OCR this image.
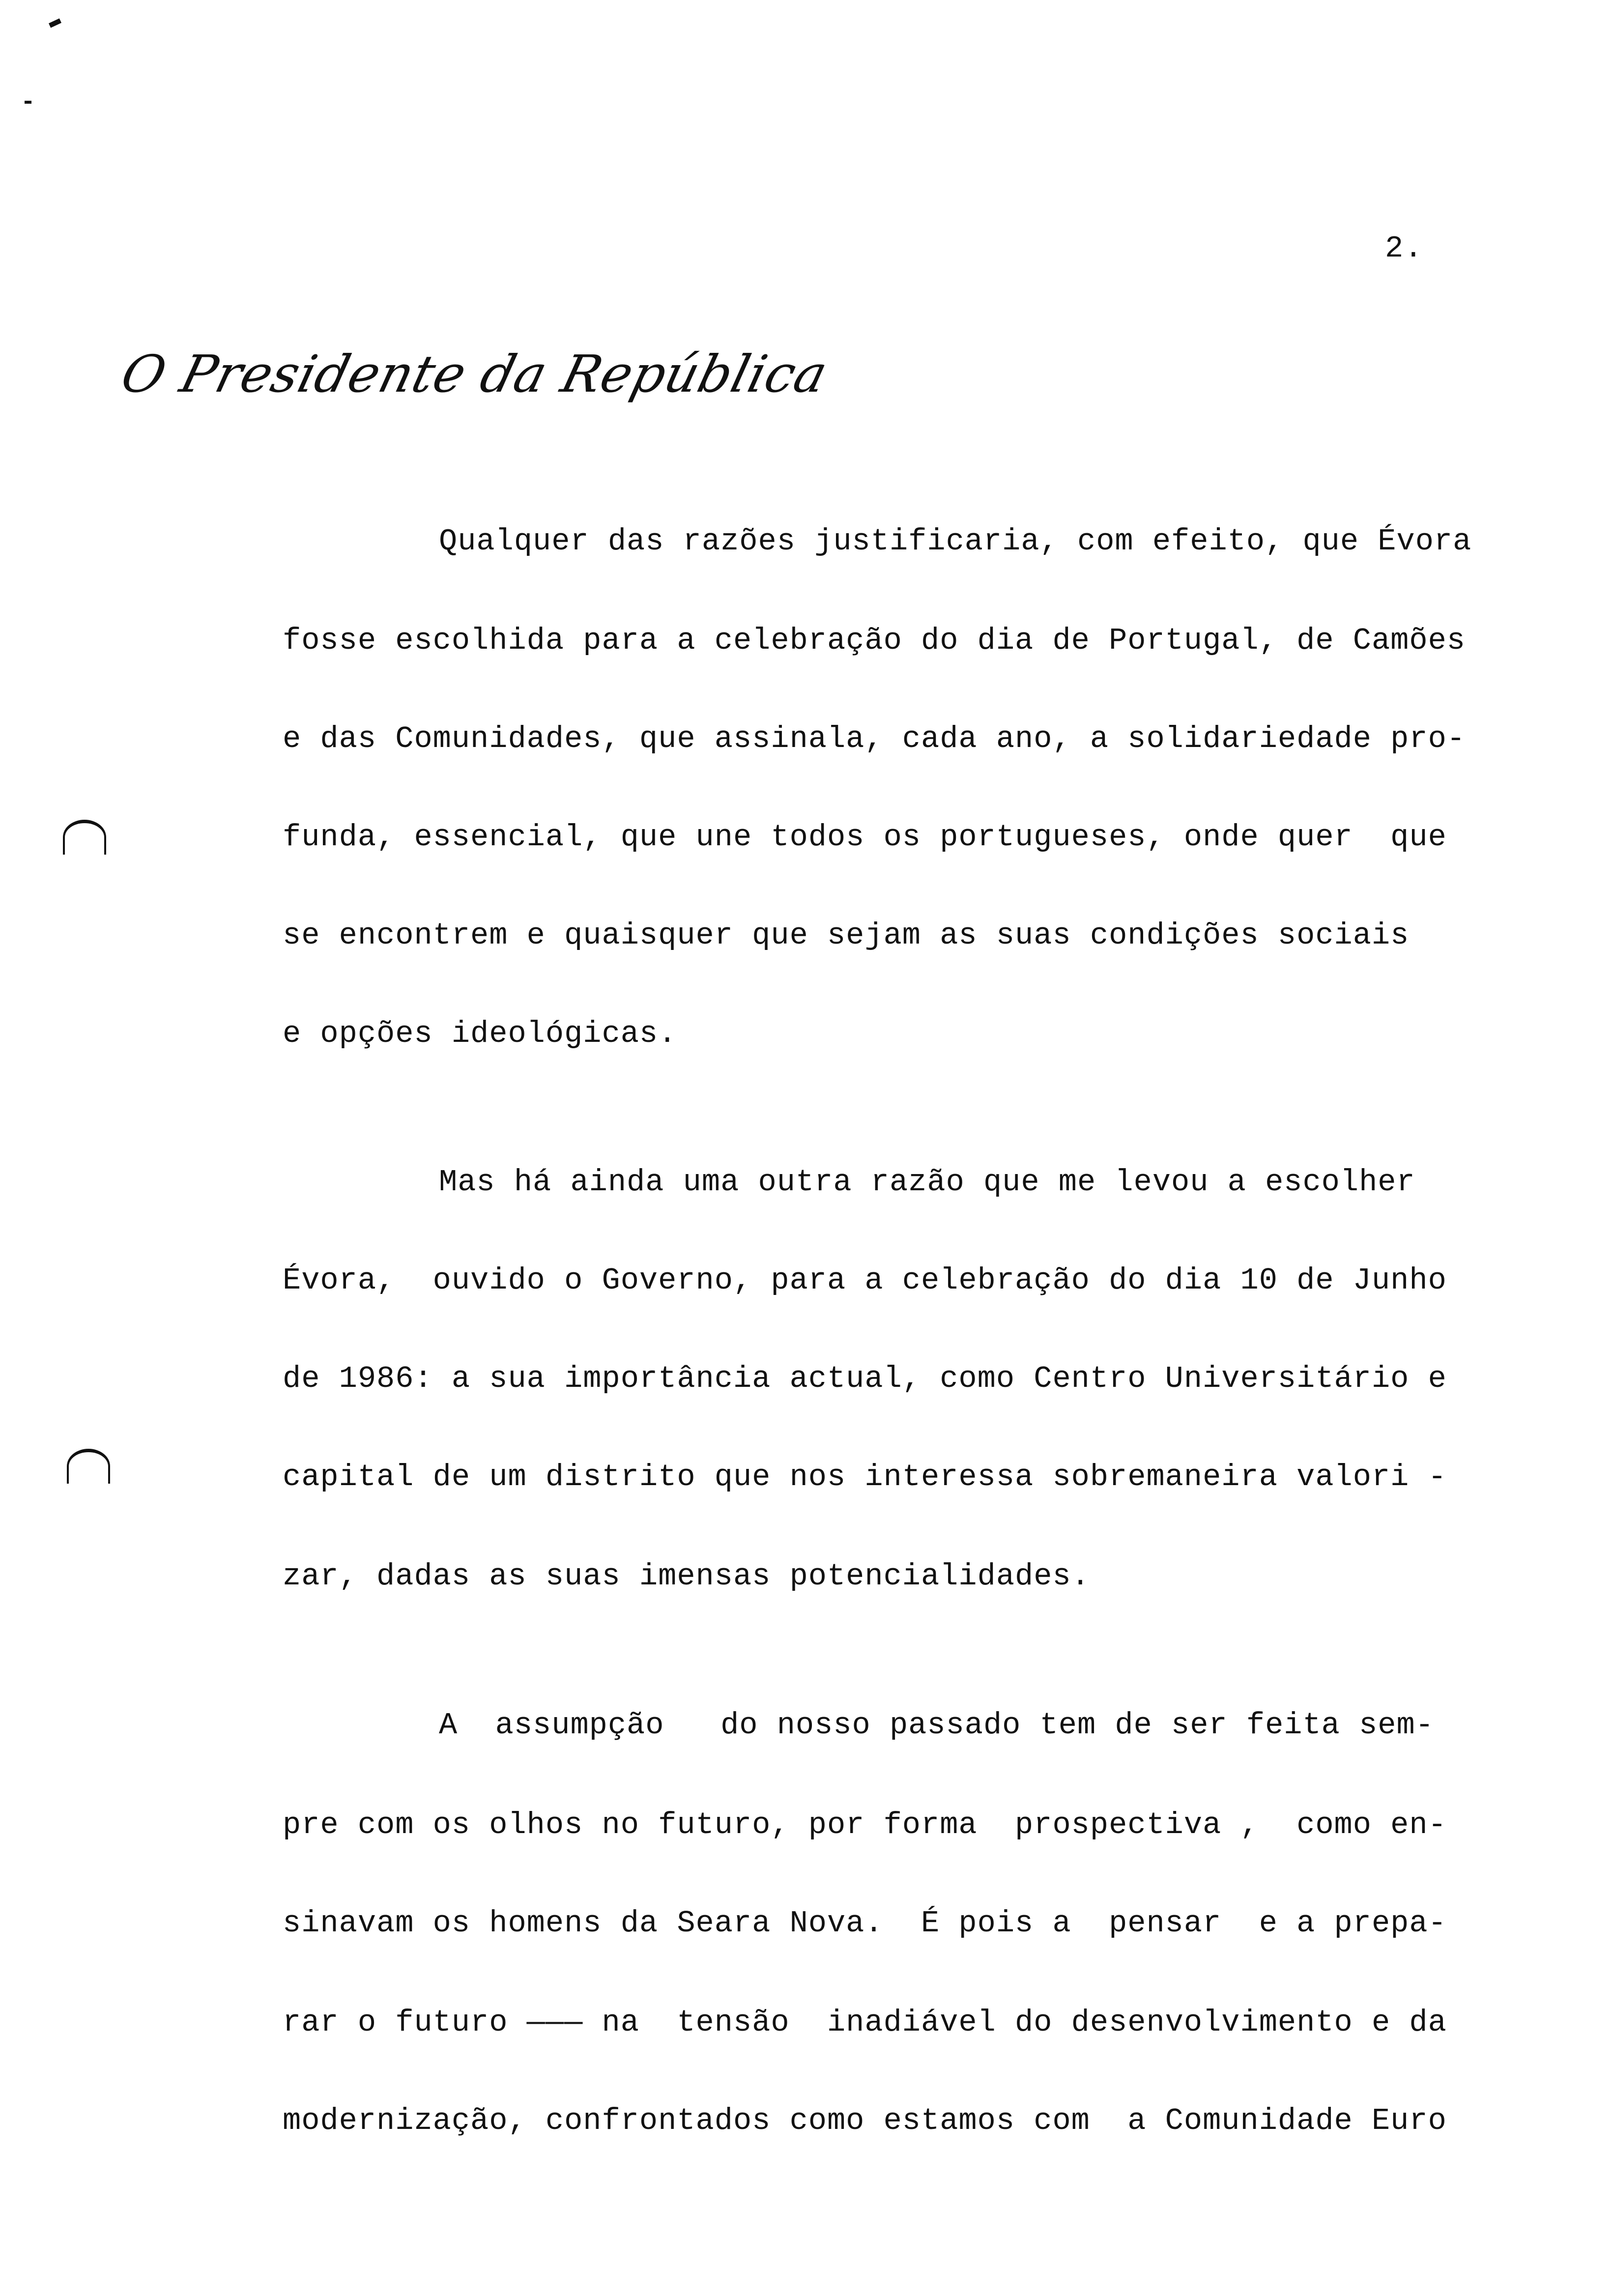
2.
O Presidente da República
Qualquer das razões justificaria, com efeito, que Évora
fosse escolhida para a celebração do dia de Portugal, de Camões
e das Comunidades, que assinala, cada ano, a solidariedade pro-
funda, essencial, que une todos os portugueses, onde quer  que
se encontrem e quaisquer que sejam as suas condições sociais
e opções ideológicas.
Mas há ainda uma outra razão que me levou a escolher
Évora,  ouvido o Governo, para a celebração do dia 10 de Junho
de 1986: a sua importância actual, como Centro Universitário e
capital de um distrito que nos interessa sobremaneira valori -
zar, dadas as suas imensas potencialidades.
A  assumpção   do nosso passado tem de ser feita sem-
pre com os olhos no futuro, por forma  prospectiva ,  como en-
sinavam os homens da Seara Nova.  É pois a  pensar  e a prepa-
rar o futuro ——— na  tensão  inadiável do desenvolvimento e da
modernização, confrontados como estamos com  a Comunidade Euro
